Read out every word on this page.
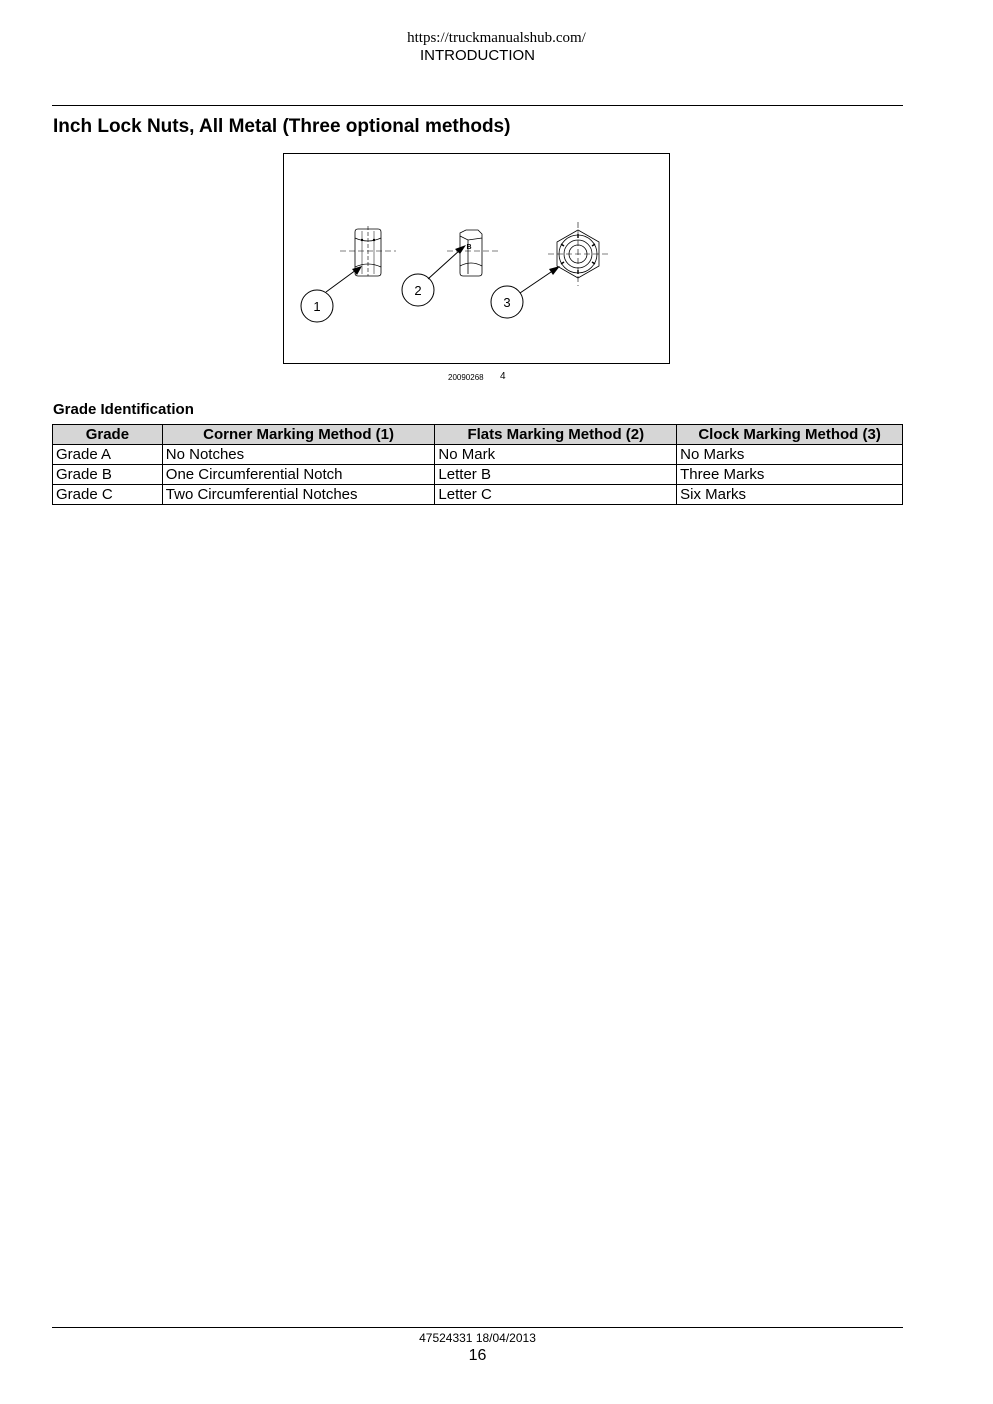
https://truckmanualshub.com/
INTRODUCTION
Inch Lock Nuts, All Metal (Three optional methods)
1
2
3
B
20090268 4
Grade Identification
Grade	Corner Marking Method (1)	Flats Marking Method (2)	Clock Marking Method (3)
Grade A	No Notches	No Mark	No Marks
Grade B	One Circumferential Notch	Letter B	Three Marks
Grade C	Two Circumferential Notches	Letter C	Six Marks
47524331 18/04/2013
16
